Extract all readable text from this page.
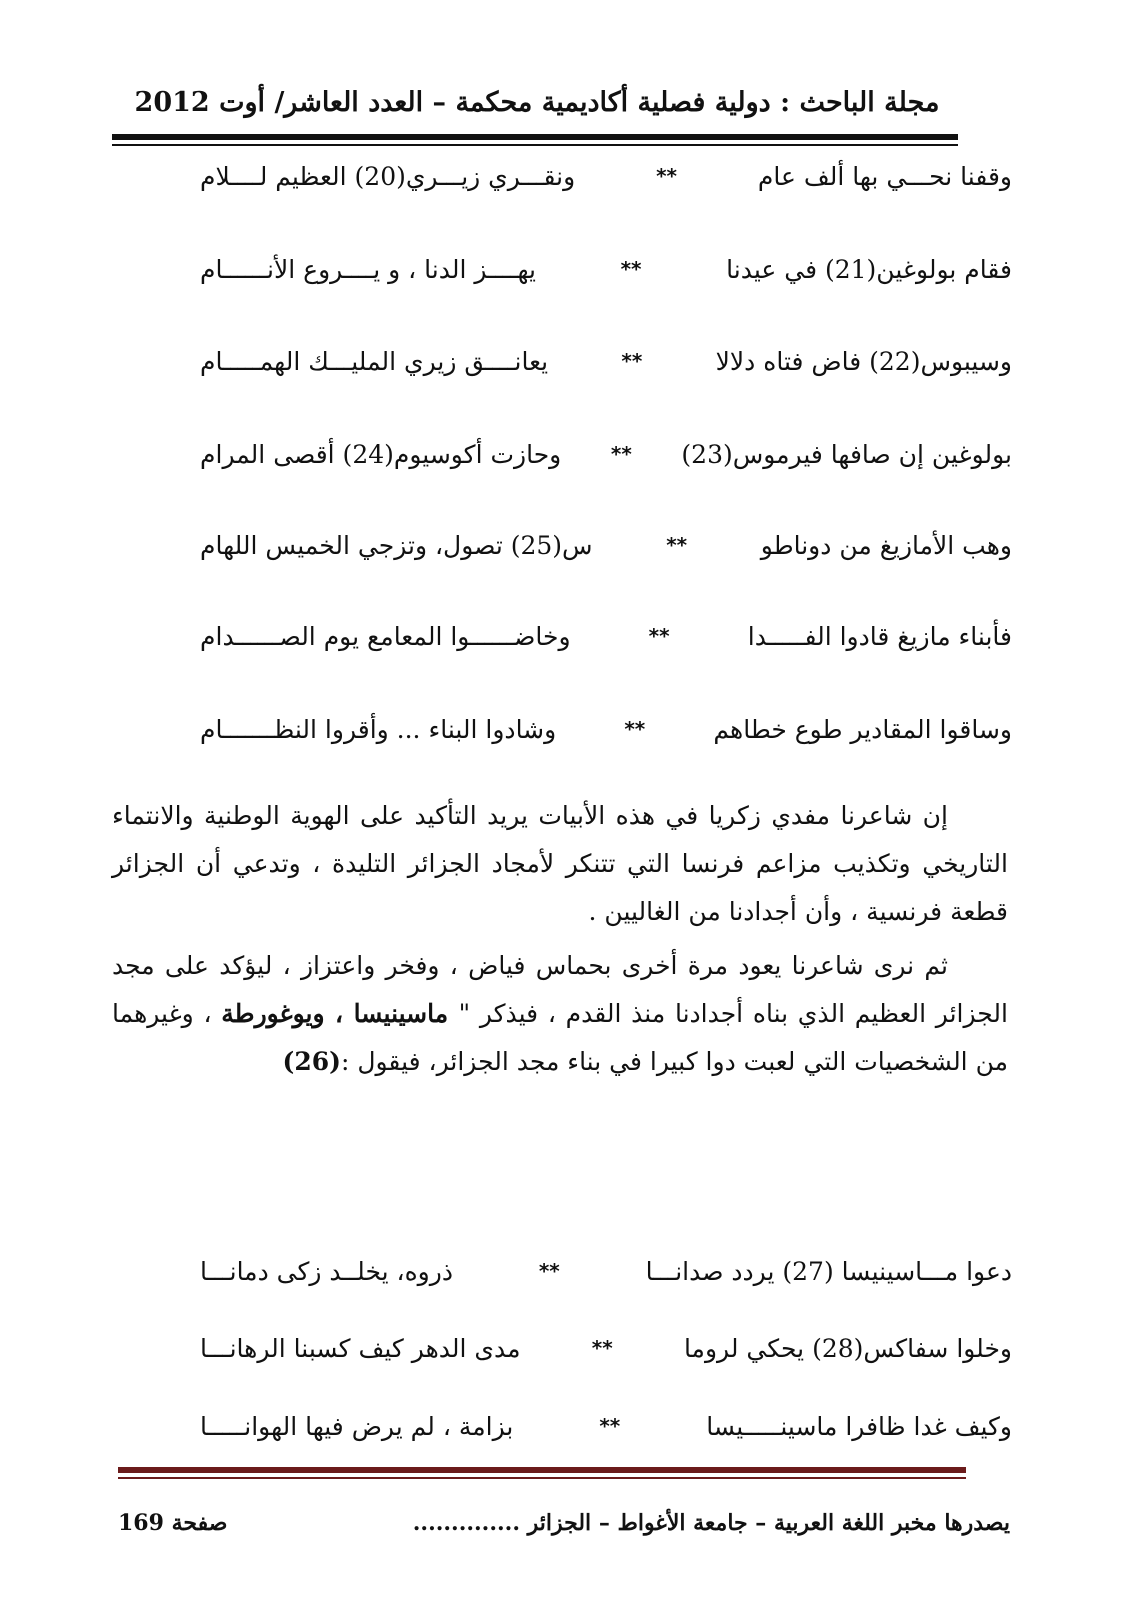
مجلة الباحث : دولية فصلية أكاديمية محكمة – العدد العاشر/ أوت 2012
وقفنا نحـــي بها ألف عام
**
ونقـــري زيـــري(20) العظيم لــــلام
فقام بولوغين(21) في عيدنا
**
يهــــز الدنا ، و يــــروع الأنــــــام
وسيبوس(22) فاض فتاه دلالا
**
يعانــــق زيري المليـــك الهمـــــام
بولوغين إن صافها فيرموس(23)
**
وحازت أكوسيوم(24) أقصى المرام
وهب الأمازيغ من دوناطو
**
س(25) تصول، وتزجي الخميس اللهام
فأبناء مازيغ قادوا الفـــــدا
**
وخاضــــــوا المعامع يوم الصــــــدام
وساقوا المقادير طوع خطاهم
**
وشادوا البناء ... وأقروا النظـــــــام

إن شاعرنا مفدي زكريا في هذه الأبيات يريد التأكيد على الهوية الوطنية والانتماء التاريخي وتكذيب مزاعم فرنسا التي تتنكر لأمجاد الجزائر التليدة ، وتدعي أن الجزائر قطعة فرنسية ، وأن أجدادنا من الغاليين .

ثم نرى شاعرنا يعود مرة أخرى بحماس فياض ، وفخر واعتزاز ، ليؤكد على مجد الجزائر العظيم الذي بناه أجدادنا منذ القدم ، فيذكر " ماسينيسا ، ويوغورطة ، وغيرهما من الشخصيات التي لعبت دوا كبيرا في بناء مجد الجزائر، فيقول :(26)

دعوا مـــاسينيسا (27) يردد صدانـــا
**
ذروه، يخلــد زكى دمانـــا
وخلوا سفاكس(28) يحكي لروما
**
مدى الدهر كيف كسبنا الرهانـــا
وكيف غدا ظافرا ماسينـــــيسا
**
بزامة ، لم يرض فيها الهوانـــــا
يصدرها مخبر اللغة العربية – جامعة الأغواط – الجزائر ..............
صفحة 169
